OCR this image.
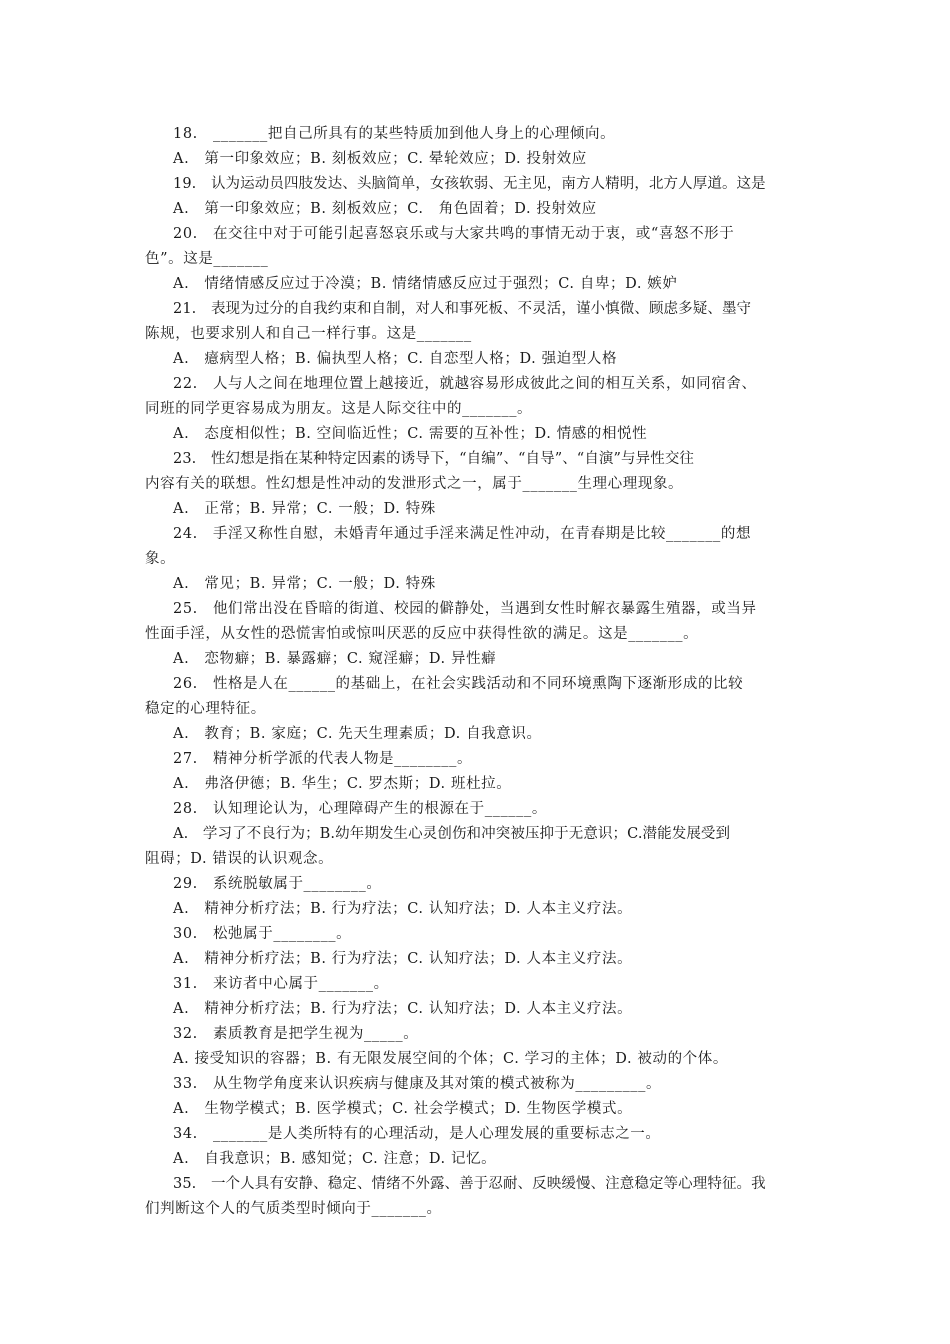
18.　_______把自己所具有的某些特质加到他人身上的心理倾向。
A.　第一印象效应；B. 刻板效应；C. 晕轮效应；D. 投射效应
19.　认为运动员四肢发达、头脑简单，女孩软弱、无主见，南方人精明，北方人厚道。这是
A.　第一印象效应；B. 刻板效应；C.　角色固着；D. 投射效应
20.　在交往中对于可能引起喜怒哀乐或与大家共鸣的事情无动于衷，或“喜怒不形于
色”。这是_______
A.　情绪情感反应过于冷漠；B. 情绪情感反应过于强烈；C. 自卑；D. 嫉妒
21.　表现为过分的自我约束和自制，对人和事死板、不灵活，谨小慎微、顾虑多疑、墨守
陈规，也要求别人和自己一样行事。这是_______
A.　癔病型人格；B. 偏执型人格；C. 自恋型人格；D. 强迫型人格
22.　人与人之间在地理位置上越接近，就越容易形成彼此之间的相互关系，如同宿舍、
同班的同学更容易成为朋友。这是人际交往中的_______。
A.　态度相似性；B. 空间临近性；C. 需要的互补性；D. 情感的相悦性
23.　性幻想是指在某种特定因素的诱导下，“自编”、“自导”、“自演”与异性交往
内容有关的联想。性幻想是性冲动的发泄形式之一，属于_______生理心理现象。
A.　正常；B. 异常；C. 一般；D. 特殊
24.　手淫又称性自慰，未婚青年通过手淫来满足性冲动，在青春期是比较_______的想
象。
A.　常见；B. 异常；C. 一般；D. 特殊
25.　他们常出没在昏暗的街道、校园的僻静处，当遇到女性时解衣暴露生殖器，或当异
性面手淫，从女性的恐慌害怕或惊叫厌恶的反应中获得性欲的满足。这是_______。
A.　恋物癖；B. 暴露癖；C. 窥淫癖；D. 异性癖
26.　性格是人在______的基础上，在社会实践活动和不同环境熏陶下逐渐形成的比较
稳定的心理特征。
A.　教育；B. 家庭；C. 先天生理素质；D. 自我意识。
27.　精神分析学派的代表人物是________。
A.　弗洛伊德；B. 华生；C. 罗杰斯；D. 班杜拉。
28.　认知理论认为，心理障碍产生的根源在于______。
A.　学习了不良行为；B.幼年期发生心灵创伤和冲突被压抑于无意识；C.潜能发展受到
阻碍；D. 错误的认识观念。
29.　系统脱敏属于________。
A.　精神分析疗法；B. 行为疗法；C. 认知疗法；D. 人本主义疗法。
30.　松弛属于________。
A.　精神分析疗法；B. 行为疗法；C. 认知疗法；D. 人本主义疗法。
31.　来访者中心属于_______。
A.　精神分析疗法；B. 行为疗法；C. 认知疗法；D. 人本主义疗法。
32.　素质教育是把学生视为_____。
A. 接受知识的容器；B. 有无限发展空间的个体；C. 学习的主体；D. 被动的个体。
33.　从生物学角度来认识疾病与健康及其对策的模式被称为_________。
A.　生物学模式；B. 医学模式；C. 社会学模式；D. 生物医学模式。
34.　_______是人类所特有的心理活动，是人心理发展的重要标志之一。
A.　自我意识；B. 感知觉；C. 注意；D. 记忆。
35.　一个人具有安静、稳定、情绪不外露、善于忍耐、反映缓慢、注意稳定等心理特征。我
们判断这个人的气质类型时倾向于_______。
